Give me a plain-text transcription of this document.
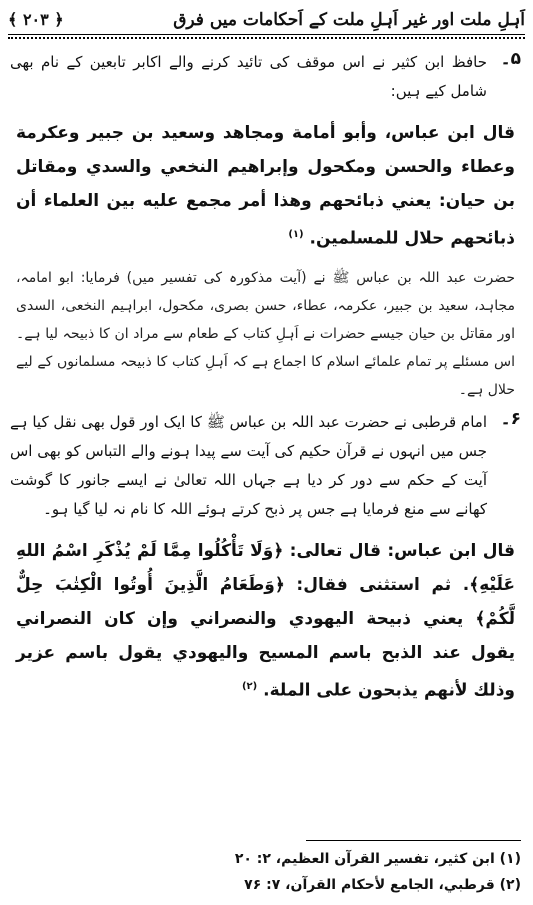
اَہلِ ملت اور غیر اَہلِ ملت کے اَحکامات میں فرق
﴿ ۲۰۳ ﴾
۵۔
حافظ ابن کثیر نے اس موقف کی تائید کرنے والے اکابر تابعین کے نام بھی شامل کیے ہیں:
قال ابن عباس، وأبو أمامة ومجاهد وسعيد بن جبير وعكرمة وعطاء والحسن ومكحول وإبراهيم النخعي والسدي ومقاتل بن حيان: يعني ذبائحهم وهذا أمر مجمع عليه بين العلماء أن ذبائحهم حلال للمسلمين. $^{(۱)}$
حضرت عبد اللہ بن عباس ﷺ نے (آیت مذکورہ کی تفسیر میں) فرمایا: ابو امامہ، مجاہد، سعید بن جبیر، عکرمہ، عطاء، حسن بصری، مکحول، ابراہیم النخعی، السدی اور مقاتل بن حیان جیسے حضرات نے اَہلِ کتاب کے طعام سے مراد ان کا ذبیحہ لیا ہے۔ اس مسئلے پر تمام علمائے اسلام کا اجماع ہے کہ اَہلِ کتاب کا ذبیحہ مسلمانوں کے لیے حلال ہے۔
۶۔
امام قرطبی نے حضرت عبد اللہ بن عباس ﷺ کا ایک اور قول بھی نقل کیا ہے جس میں انہوں نے قرآن حکیم کی آیت سے پیدا ہونے والے التباس کو بھی اس آیت کے حکم سے دور کر دیا ہے جہاں اللہ تعالیٰ نے ایسے جانور کا گوشت کھانے سے منع فرمایا ہے جس پر ذبح کرتے ہوئے اللہ کا نام نہ لیا گیا ہو۔
قال ابن عباس: قال تعالى: ﴿وَلَا تَأْكُلُوا مِمَّا لَمْ يُذْكَرِ اسْمُ اللهِ عَلَيْهِ﴾. ثم استثنى فقال: ﴿وَطَعَامُ الَّذِينَ أُوتُوا الْكِتٰبَ حِلٌّ لَّكُمْ﴾ يعني ذبيحة اليهودي والنصراني وإن كان النصراني يقول عند الذبح باسم المسيح واليهودي يقول باسم عزير وذلك لأنهم يذبحون على الملة. $^{(۲)}$
(۱) ابن كثير، تفسير القرآن العظيم، ۲: ۲۰
(۲) قرطبي، الجامع لأحكام القرآن، ۷: ۷۶
